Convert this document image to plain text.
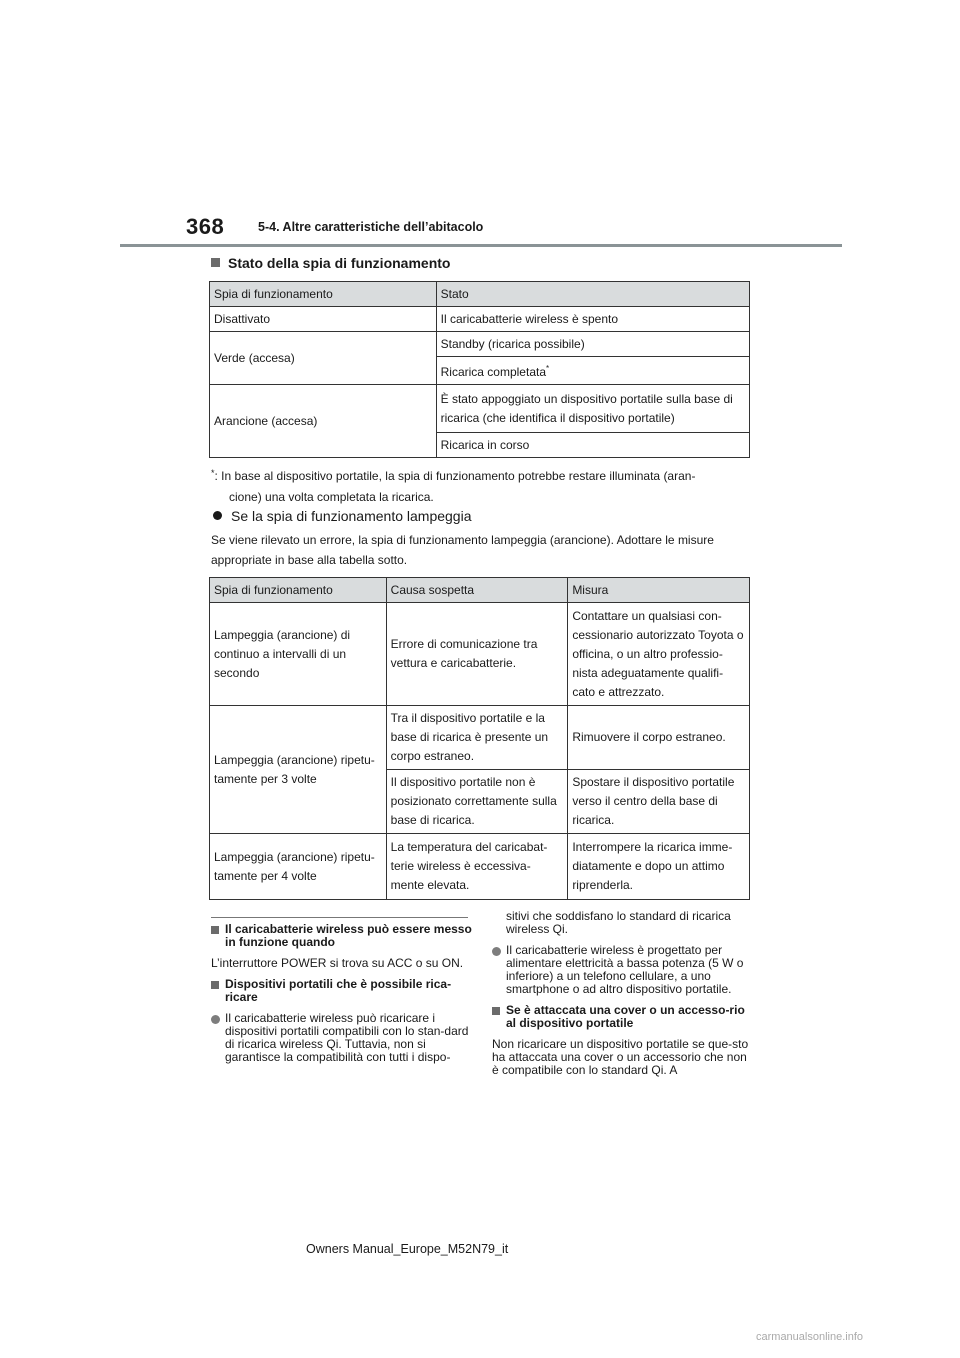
368	5-4. Altre caratteristiche dell’abitacolo
Stato della spia di funzionamento
Spia di funzionamento	Stato
Disattivato	Il caricabatterie wireless è spento
Verde (accesa)	Standby (ricarica possibile)
	Ricarica completata*
Arancione (accesa)	È stato appoggiato un dispositivo portatile sulla base di ricarica (che identifica il dispositivo portatile)
	Ricarica in corso
*: In base al dispositivo portatile, la spia di funzionamento potrebbe restare illuminata (aran-
cione) una volta completata la ricarica.
Se la spia di funzionamento lampeggia
Se viene rilevato un errore, la spia di funzionamento lampeggia (arancione). Adottare le misure appropriate in base alla tabella sotto.
Spia di funzionamento	Causa sospetta	Misura
Lampeggia (arancione) di continuo a intervalli di un secondo	Errore di comunicazione tra vettura e caricabatterie.	Contattare un qualsiasi con-cessionario autorizzato Toyota o officina, o un altro professio-nista adeguatamente qualifi-cato e attrezzato.
Lampeggia (arancione) ripetu-tamente per 3 volte	Tra il dispositivo portatile e la base di ricarica è presente un corpo estraneo.	Rimuovere il corpo estraneo.
	Il dispositivo portatile non è posizionato correttamente sulla base di ricarica.	Spostare il dispositivo portatile verso il centro della base di ricarica.
Lampeggia (arancione) ripetu-tamente per 4 volte	La temperatura del caricabat-terie wireless è eccessiva-mente elevata.	Interrompere la ricarica imme-diatamente e dopo un attimo riprenderla.
Il caricabatterie wireless può essere messo in funzione quando

L’interruttore POWER si trova su ACC o su ON.

Dispositivi portatili che è possibile rica-ricare
Il caricabatterie wireless può ricaricare i dispositivi portatili compatibili con lo stan-dard di ricarica wireless Qi. Tuttavia, non si garantisce la compatibilità con tutti i dispo-

sitivi che soddisfano lo standard di ricarica wireless Qi.

Il caricabatterie wireless è progettato per alimentare elettricità a bassa potenza (5 W o inferiore) a un telefono cellulare, a uno smartphone o ad altro dispositivo portatile.
Se è attaccata una cover o un accesso-rio al dispositivo portatile

Non ricaricare un dispositivo portatile se que-sto ha attaccata una cover o un accessorio che non è compatibile con lo standard Qi. A

Owners Manual_Europe_M52N79_it
carmanualsonline.info
